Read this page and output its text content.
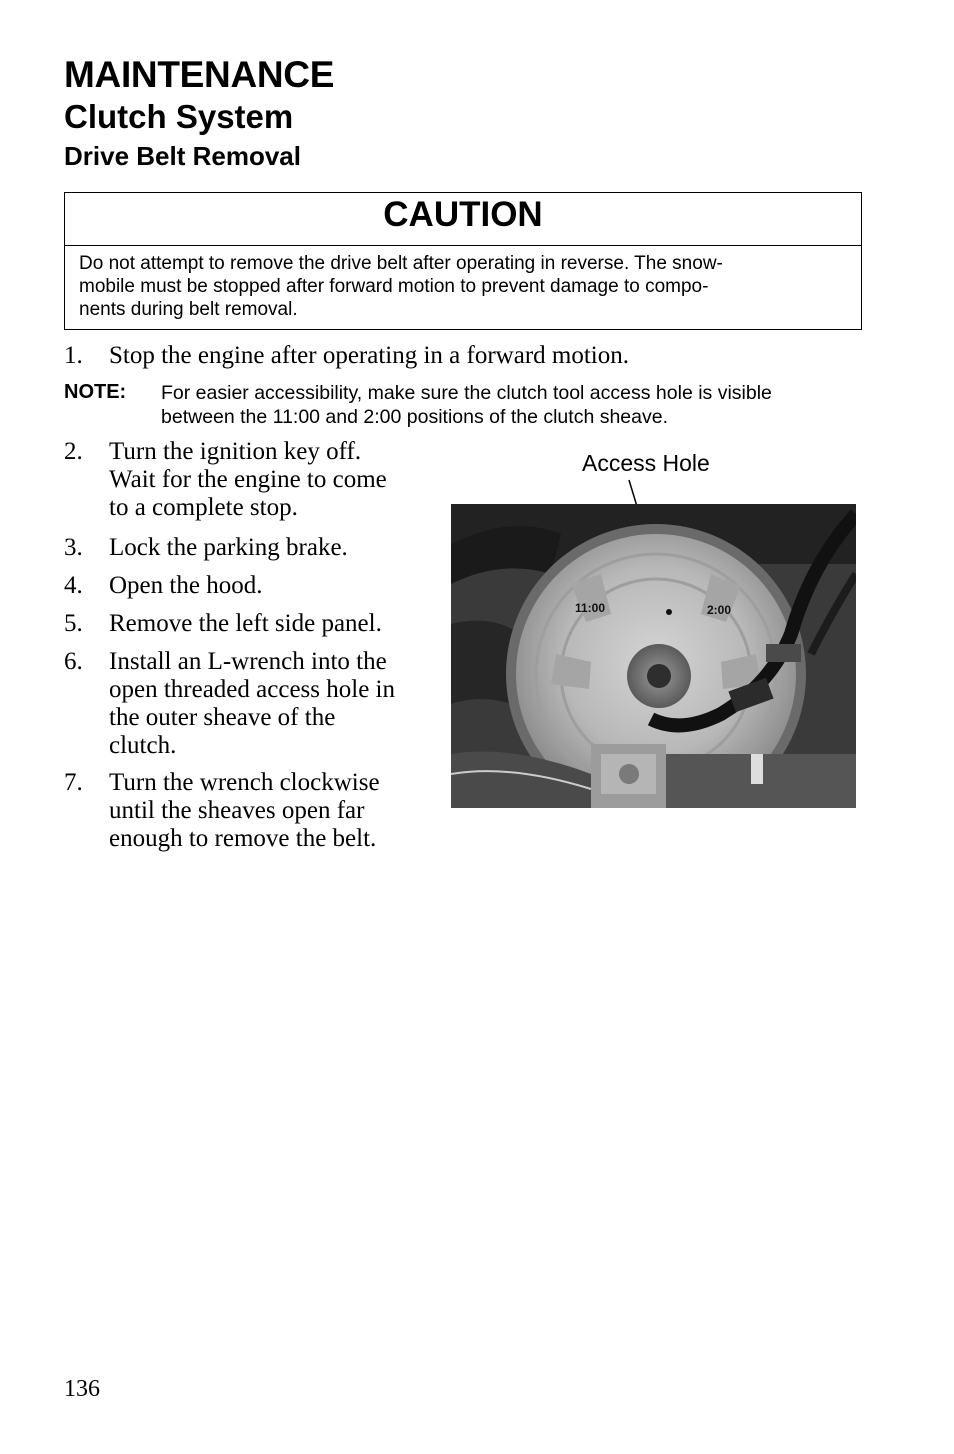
MAINTENANCE
Clutch System
Drive Belt Removal
CAUTION
Do not attempt to remove the drive belt after operating in reverse. The snow-
mobile must be stopped after forward motion to prevent damage to compo-
nents during belt removal.
1. Stop the engine after operating in a forward motion.
NOTE: For easier accessibility, make sure the clutch tool access hole is visible
between the 11:00 and 2:00 positions of the clutch sheave.
2. Turn the ignition key off.
Wait for the engine to come
to a complete stop.
3. Lock the parking brake.
4. Open the hood.
5. Remove the left side panel.
6. Install an L-wrench into the
open threaded access hole in
the outer sheave of the
clutch.
7. Turn the wrench clockwise
until the sheaves open far
enough to remove the belt.
Access Hole
11:00	2:00
136
